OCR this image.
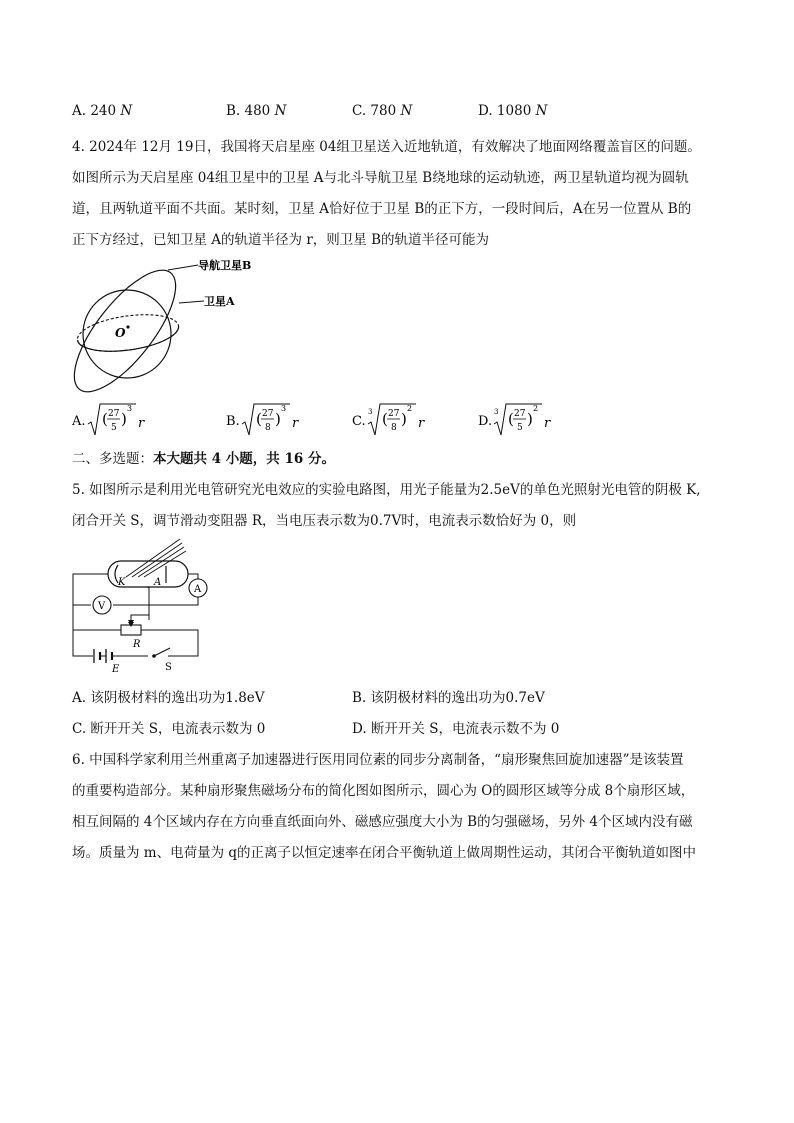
A. 240 N	B. 480 N	C. 780 N	D. 1080 N
4. 2024年 12月 19日，我国将天启星座 04组卫星送入近地轨道，有效解决了地面网络覆盖盲区的问题。
如图所示为天启星座 04组卫星中的卫星 A与北斗导航卫星 B绕地球的运动轨迹，两卫星轨道均视为圆轨
道，且两轨道平面不共面。某时刻，卫星 A恰好位于卫星 B的正下方，一段时间后，A在另一位置从 B的
正下方经过，已知卫星 A的轨道半径为 r，则卫星 B的轨道半径可能为
导航卫星B
卫星A
O
A. ( 27
5 )
3
r	B. ( 27
8 )
3
r	C.
3 ( 27
8 )
2
r	D.
3 ( 27
5 )
2
r
二、多选题：本大题共 4 小题，共 16 分。
5. 如图所示是利用光电管研究光电效应的实验电路图，用光子能量为2.5eV的单色光照射光电管的阴极 K,
闭合开关 S，调节滑动变阻器 R，当电压表示数为0.7V时，电流表示数恰好为 0，则
K	A
A
V
R
E	S
A. 该阴极材料的逸出功为1.8eV	B. 该阴极材料的逸出功为0.7eV
C. 断开开关 S，电流表示数为 0	D. 断开开关 S，电流表示数不为 0
6. 中国科学家利用兰州重离子加速器进行医用同位素的同步分离制备，“扇形聚焦回旋加速器”是该装置
的重要构造部分。某种扇形聚焦磁场分布的简化图如图所示，圆心为 O的圆形区域等分成 8个扇形区域，
相互间隔的 4个区域内存在方向垂直纸面向外、磁感应强度大小为 B的匀强磁场，另外 4个区域内没有磁
场。质量为 m、电荷量为 q的正离子以恒定速率在闭合平衡轨道上做周期性运动，其闭合平衡轨道如图中
